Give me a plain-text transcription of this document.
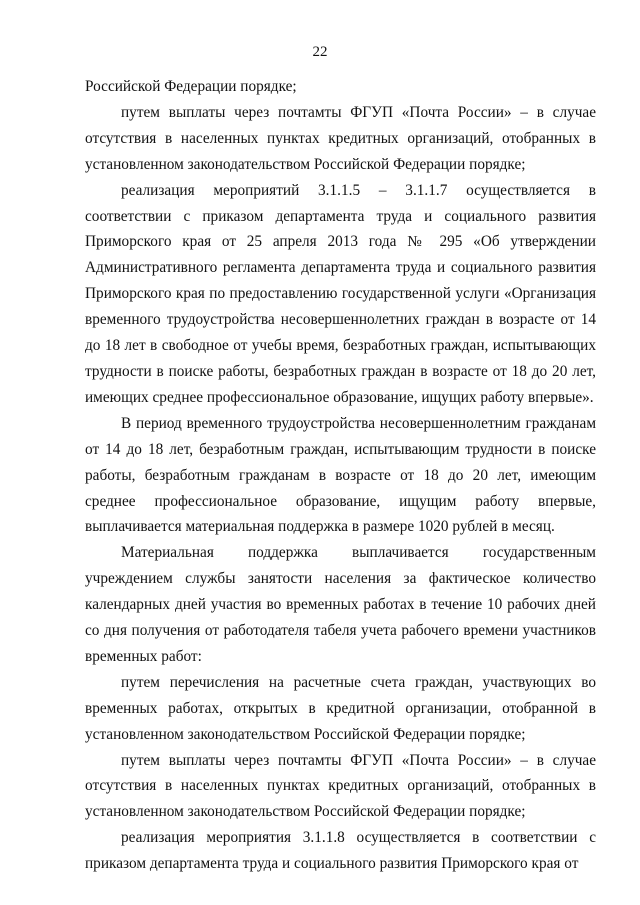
22

Российской Федерации порядке;

путем выплаты через почтамты ФГУП «Почта России» – в случае отсутствия в населенных пунктах кредитных организаций, отобранных в установленном законодательством Российской Федерации порядке;

реализация мероприятий 3.1.1.5 – 3.1.1.7 осуществляется в соответствии с приказом департамента труда и социального развития Приморского края от 25 апреля 2013 года № 295 «Об утверждении Административного регламента департамента труда и социального развития Приморского края по предоставлению государственной услуги «Организация временного трудоустройства несовершеннолетних граждан в возрасте от 14 до 18 лет в свободное от учебы время, безработных граждан, испытывающих трудности в поиске работы, безработных граждан в возрасте от 18 до 20 лет, имеющих среднее профессиональное образование, ищущих работу впервые».

В период временного трудоустройства несовершеннолетним гражданам от 14 до 18 лет, безработным граждан, испытывающим трудности в поиске работы, безработным гражданам в возрасте от 18 до 20 лет, имеющим среднее профессиональное образование, ищущим работу впервые, выплачивается материальная поддержка в размере 1020 рублей в месяц.

Материальная поддержка выплачивается государственным учреждением службы занятости населения за фактическое количество календарных дней участия во временных работах в течение 10 рабочих дней со дня получения от работодателя табеля учета рабочего времени участников временных работ:

путем перечисления на расчетные счета граждан, участвующих во временных работах, открытых в кредитной организации, отобранной в установленном законодательством Российской Федерации порядке;

путем выплаты через почтамты ФГУП «Почта России» – в случае отсутствия в населенных пунктах кредитных организаций, отобранных в установленном законодательством Российской Федерации порядке;

реализация мероприятия 3.1.1.8 осуществляется в соответствии с приказом департамента труда и социального развития Приморского края от
